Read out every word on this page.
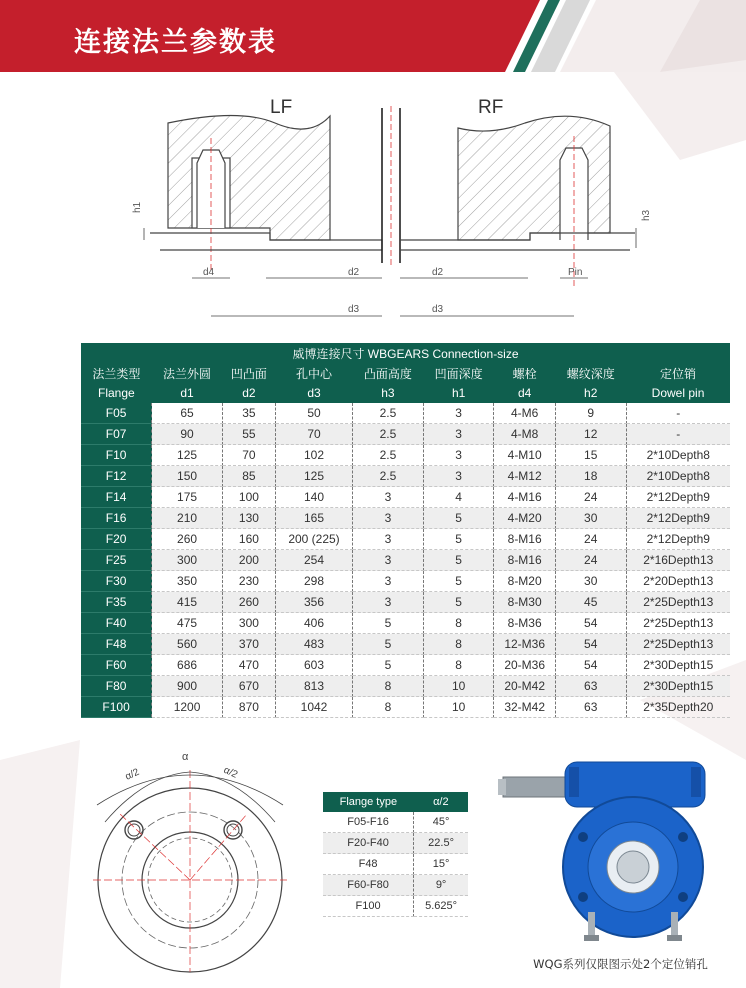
连接法兰参数表
h1
h3
LF	RF
d4	d2	d2	Pin
d3	d3
威博连接尺寸 WBGEARS Connection-size								
法兰类型	法兰外圆	凹凸面	孔中心	凸面高度	凹面深度	螺栓	螺纹深度	定位销
Flange	d1	d2	d3	h3	h1	d4	h2	Dowel pin
F05	65	35	50	2.5	3	4-M6	9	-
F07	90	55	70	2.5	3	4-M8	12	-
F10	125	70	102	2.5	3	4-M10	15	2*10Depth8
F12	150	85	125	2.5	3	4-M12	18	2*10Depth8
F14	175	100	140	3	4	4-M16	24	2*12Depth9
F16	210	130	165	3	5	4-M20	30	2*12Depth9
F20	260	160	200 (225)	3	5	8-M16	24	2*12Depth9
F25	300	200	254	3	5	8-M16	24	2*16Depth13
F30	350	230	298	3	5	8-M20	30	2*20Depth13
F35	415	260	356	3	5	8-M30	45	2*25Depth13
F40	475	300	406	5	8	8-M36	54	2*25Depth13
F48	560	370	483	5	8	12-M36	54	2*25Depth13
F60	686	470	603	5	8	20-M36	54	2*30Depth15
F80	900	670	813	8	10	20-M42	63	2*30Depth15
F100	1200	870	1042	8	10	32-M42	63	2*35Depth20
α
α/2	α/2
Flange type	α/2
F05-F16	45°
F20-F40	22.5°
F48	15°
F60-F80	9°
F100	5.625°
WQG系列仅限图示处2个定位销孔
